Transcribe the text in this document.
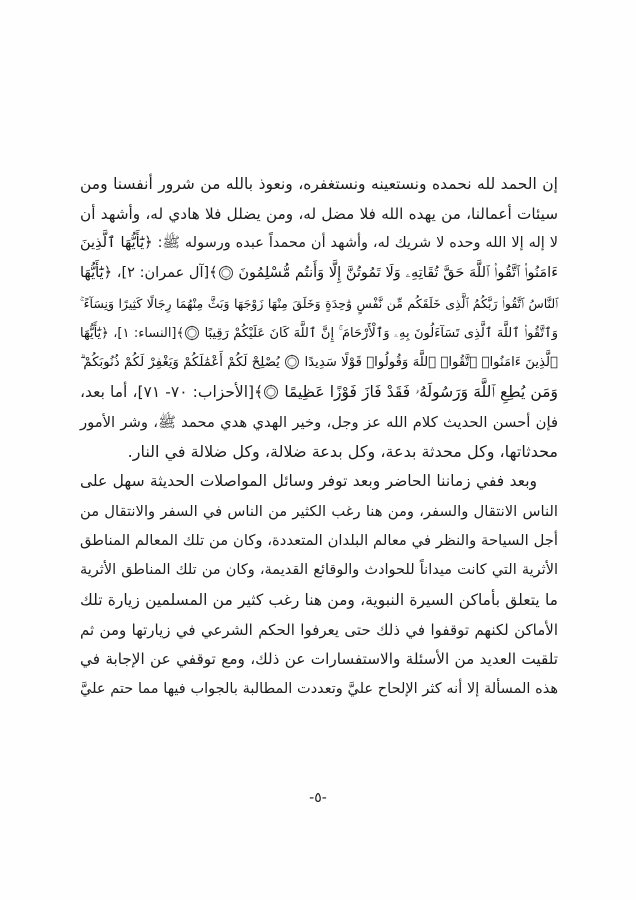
إن الحمد لله نحمده ونستعينه ونستغفره، ونعوذ بالله من شرور أنفسنا ومن
سيئات أعمالنا، من يهده الله فلا مضل له، ومن يضلل فلا هادي له، وأشهد أن
لا إله إلا الله وحده لا شريك له، وأشهد أن محمداً عبده ورسوله ﷺ: ﴿يَٰٓأَيُّهَا ٱلَّذِينَ
ءَامَنُوا۟ ٱتَّقُوا۟ ٱللَّهَ حَقَّ تُقَاتِهِۦ وَلَا تَمُوتُنَّ إِلَّا وَأَنتُم مُّسْلِمُونَ
﴾[آل عمران: ٢]، ﴿يَٰٓأَيُّهَا
ٱلنَّاسُ ٱتَّقُوا۟ رَبَّكُمُ ٱلَّذِى خَلَقَكُم مِّن نَّفْسٍ وَٰحِدَةٍ وَخَلَقَ مِنْهَا زَوْجَهَا وَبَثَّ مِنْهُمَا رِجَالًا كَثِيرًا وَنِسَآءً ۚ
وَٱتَّقُوا۟ ٱللَّهَ ٱلَّذِى تَسَآءَلُونَ بِهِۦ وَٱلْأَرْحَامَ ۚ إِنَّ ٱللَّهَ كَانَ عَلَيْكُمْ رَقِيبًا
﴾[النساء: ١]، ﴿يَٰٓأَيُّهَا
ٱلَّذِينَ ءَامَنُوا۟ ٱتَّقُوا۟ ٱللَّهَ وَقُولُوا۟ قَوْلًا سَدِيدًا
يُصْلِحْ لَكُمْ أَعْمَٰلَكُمْ وَيَغْفِرْ لَكُمْ ذُنُوبَكُمْ ۗ
وَمَن يُطِعِ ٱللَّهَ وَرَسُولَهُۥ فَقَدْ فَازَ فَوْزًا عَظِيمًا
﴾[الأحزاب: ٧٠- ٧١]، أما بعد،
فإن أحسن الحديث كلام الله عز وجل، وخير الهدي هدي محمد ﷺ، وشر الأمور
محدثاتها، وكل محدثة بدعة، وكل بدعة ضلالة، وكل ضلالة في النار.
وبعد ففي زماننا الحاضر وبعد توفر وسائل المواصلات الحديثة سهل على
الناس الانتقال والسفر، ومن هنا رغب الكثير من الناس في السفر والانتقال من
أجل السياحة والنظر في معالم البلدان المتعددة، وكان من تلك المعالم المناطق
الأثرية التي كانت ميداناً للحوادث والوقائع القديمة، وكان من تلك المناطق الأثرية
ما يتعلق بأماكن السيرة النبوية، ومن هنا رغب كثير من المسلمين زيارة تلك
الأماكن لكنهم توقفوا في ذلك حتى يعرفوا الحكم الشرعي في زيارتها ومن ثم
تلقيت العديد من الأسئلة والاستفسارات عن ذلك، ومع توقفي عن الإجابة في
هذه المسألة إلا أنه كثر الإلحاح عليَّ وتعددت المطالبة بالجواب فيها مما حتم عليَّ
-٥-
